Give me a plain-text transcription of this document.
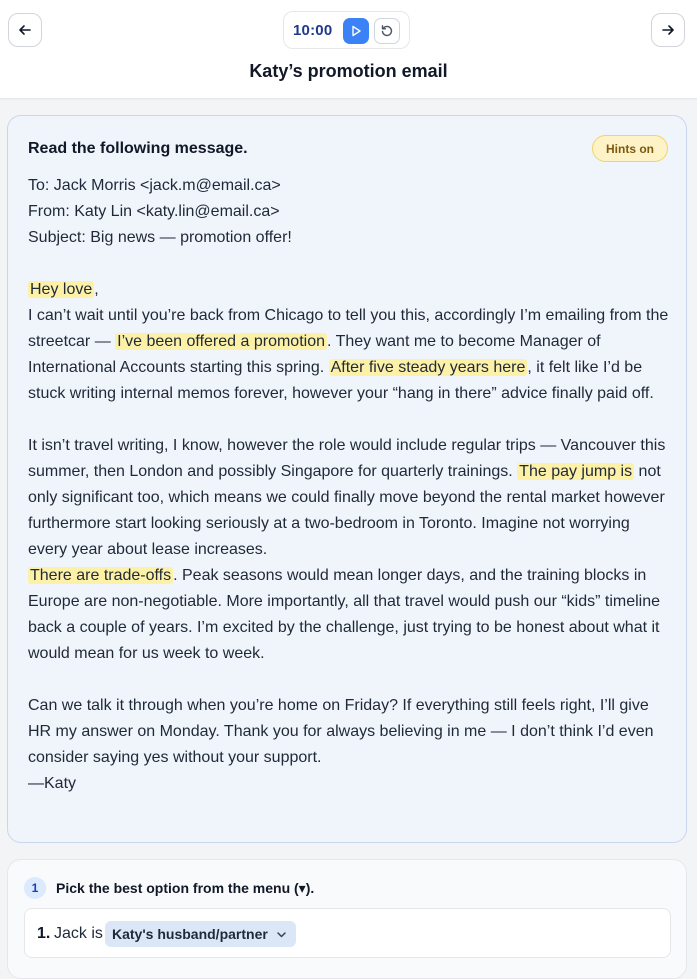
10:00
Katy’s promotion email
Read the following message.	Hints on

To: Jack Morris <jack.m@email.ca>

From: Katy Lin <katy.lin@email.ca>

Subject: Big news — promotion offer!

Hey love ,

I can’t wait until you’re back from Chicago to tell you this, accordingly I’m emailing from the streetcar — I’ve been offered a promotion . They want me to become Manager of International Accounts starting this spring. After five steady years here , it felt like I’d be stuck writing internal memos forever, however your “hang in there” advice finally paid off.

It isn’t travel writing, I know, however the role would include regular trips — Vancouver this summer, then London and possibly Singapore for quarterly trainings. The pay jump is not only significant too, which means we could finally move beyond the rental market however furthermore start looking seriously at a two-bedroom in Toronto. Imagine not worrying every year about lease increases.

There are trade-offs . Peak seasons would mean longer days, and the training blocks in Europe are non-negotiable. More importantly, all that travel would push our “kids” timeline back a couple of years. I’m excited by the challenge, just trying to be honest about what it would mean for us week to week.

Can we talk it through when you’re home on Friday? If everything still feels right, I’ll give HR my answer on Monday. Thank you for always believing in me — I don’t think I’d even consider saying yes without your support.

—Katy

1	Pick the best option from the menu (▾).
1. Jack is Katy's husband/partner
